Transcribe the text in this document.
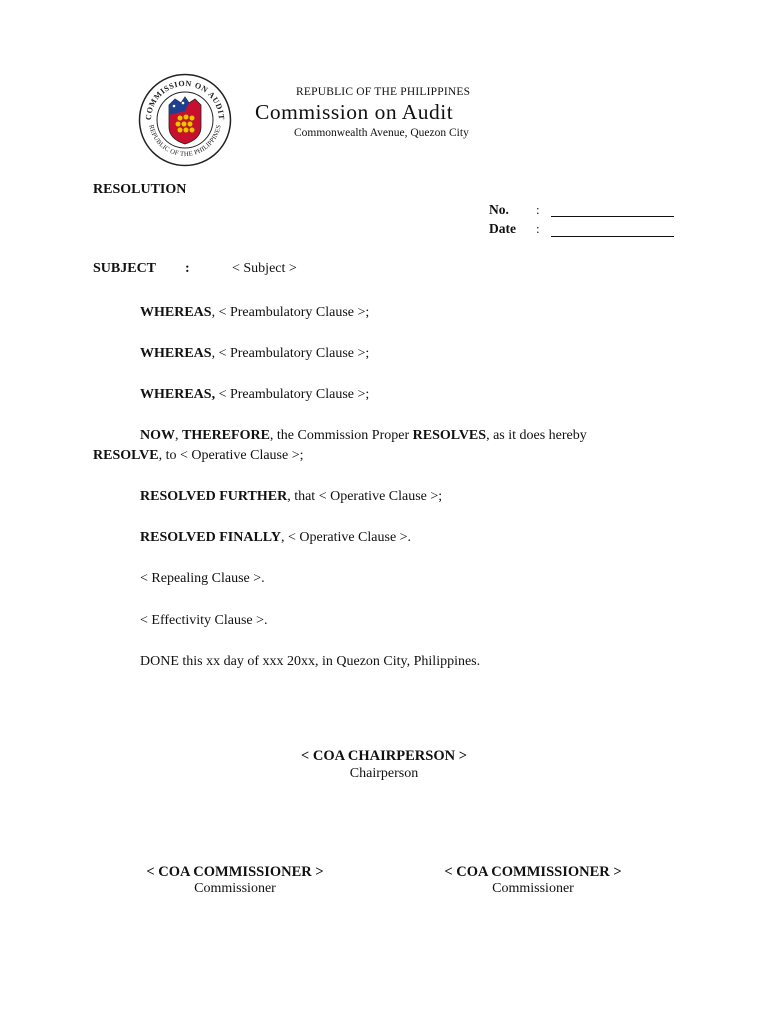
COMMISSION ON AUDIT
REPUBLIC OF THE PHILIPPINES
REPUBLIC OF THE PHILIPPINES
Commission on Audit
Commonwealth Avenue, Quezon City
RESOLUTION
No. :
Date :
SUBJECT :	< Subject >
WHEREAS, < Preambulatory Clause >;
WHEREAS, < Preambulatory Clause >;
WHEREAS, < Preambulatory Clause >;
NOW, THEREFORE, the Commission Proper RESOLVES, as it does hereby
RESOLVE, to < Operative Clause >;
RESOLVED FURTHER, that < Operative Clause >;
RESOLVED FINALLY, < Operative Clause >.
< Repealing Clause >.
< Effectivity Clause >.
DONE this xx day of xxx 20xx, in Quezon City, Philippines.
< COA CHAIRPERSON >
Chairperson
< COA COMMISSIONER >
Commissioner
< COA COMMISSIONER >
Commissioner
